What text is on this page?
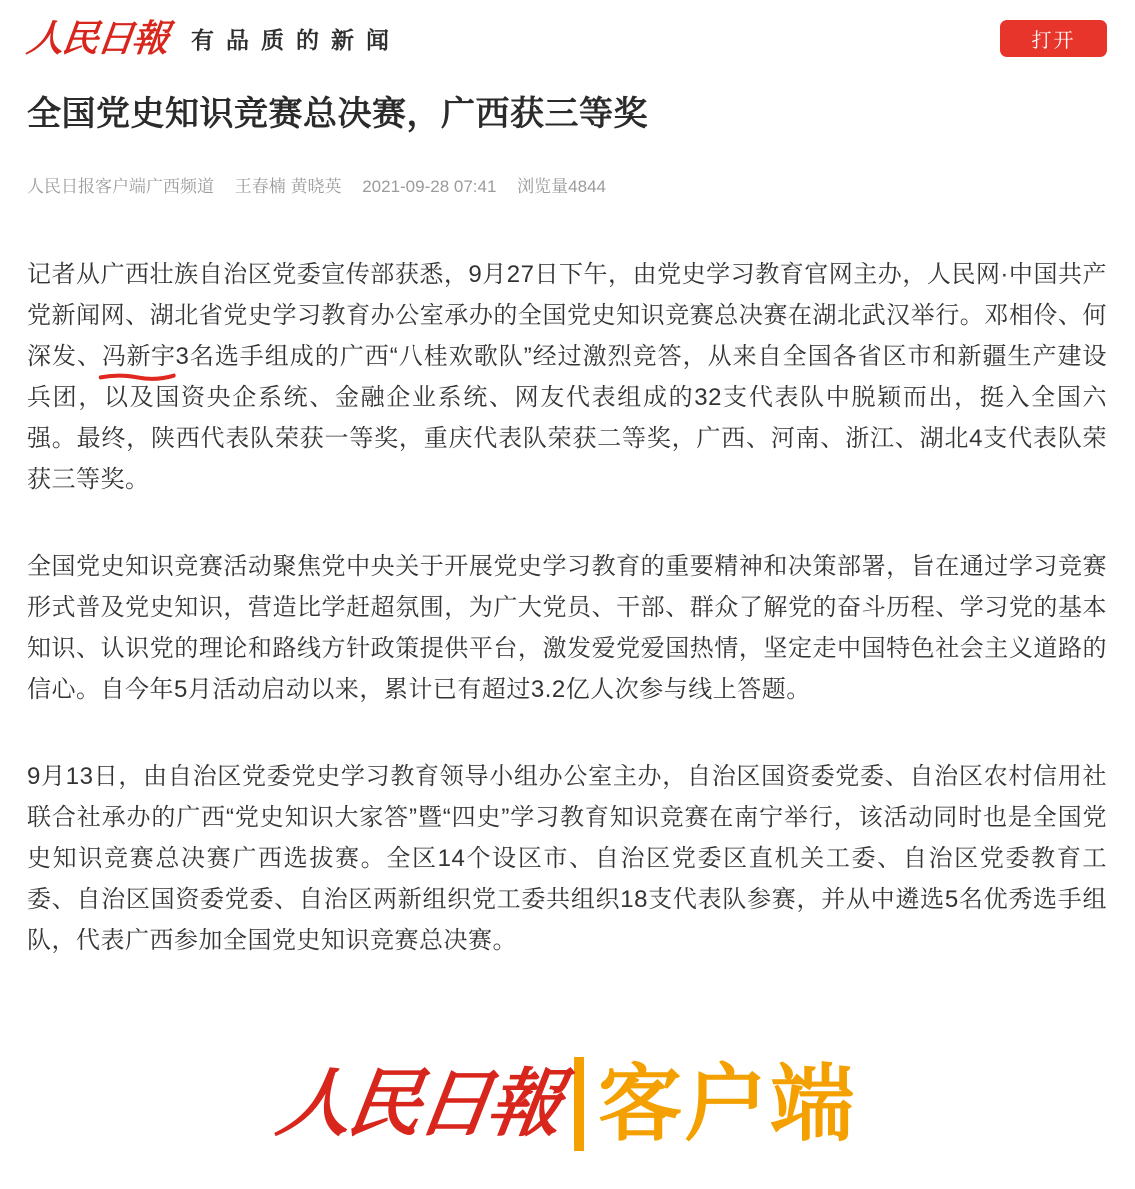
人民日報 有品质的新闻	打开
全国党史知识竞赛总决赛，广西获三等奖
人民日报客户端广西频道 王春楠 黄晓英 2021-09-28 07:41 浏览量4844

记者从广西壮族自治区党委宣传部获悉，9月27日下午，由党史学习教育官网主办，人民网·中国共产党新闻网、湖北省党史学习教育办公室承办的全国党史知识竞赛总决赛在湖北武汉举行。邓相伶、何深发、冯新宇
3名选手组成的广西“八桂欢歌队”经过激烈竞答，从来自全国各省区市和新疆生产建设兵团，以及国资央企系统、金融企业系统、网友代表组成的32支代表队中脱颖而出，挺入全国六强。最终，陕西代表队荣获一等奖，重庆代表队荣获二等奖，广西、河南、浙江、湖北4支代表队荣获三等奖。

全国党史知识竞赛活动聚焦党中央关于开展党史学习教育的重要精神和决策部署，旨在通过学习竞赛形式普及党史知识，营造比学赶超氛围，为广大党员、干部、群众了解党的奋斗历程、学习党的基本知识、认识党的理论和路线方针政策提供平台，激发爱党爱国热情，坚定走中国特色社会主义道路的信心。自今年5月活动启动以来，累计已有超过3.2亿人次参与线上答题。

9月13日，由自治区党委党史学习教育领导小组办公室主办，自治区国资委党委、自治区农村信用社联合社承办的广西“党史知识大家答”暨“四史”学习教育知识竞赛在南宁举行，该活动同时也是全国党史知识竞赛总决赛广西选拔赛。全区14个设区市、自治区党委区直机关工委、自治区党委教育工委、自治区国资委党委、自治区两新组织党工委共组织18支代表队参赛，并从中遴选5名优秀选手组队，代表广西参加全国党史知识竞赛总决赛。

人民日報 客户端
